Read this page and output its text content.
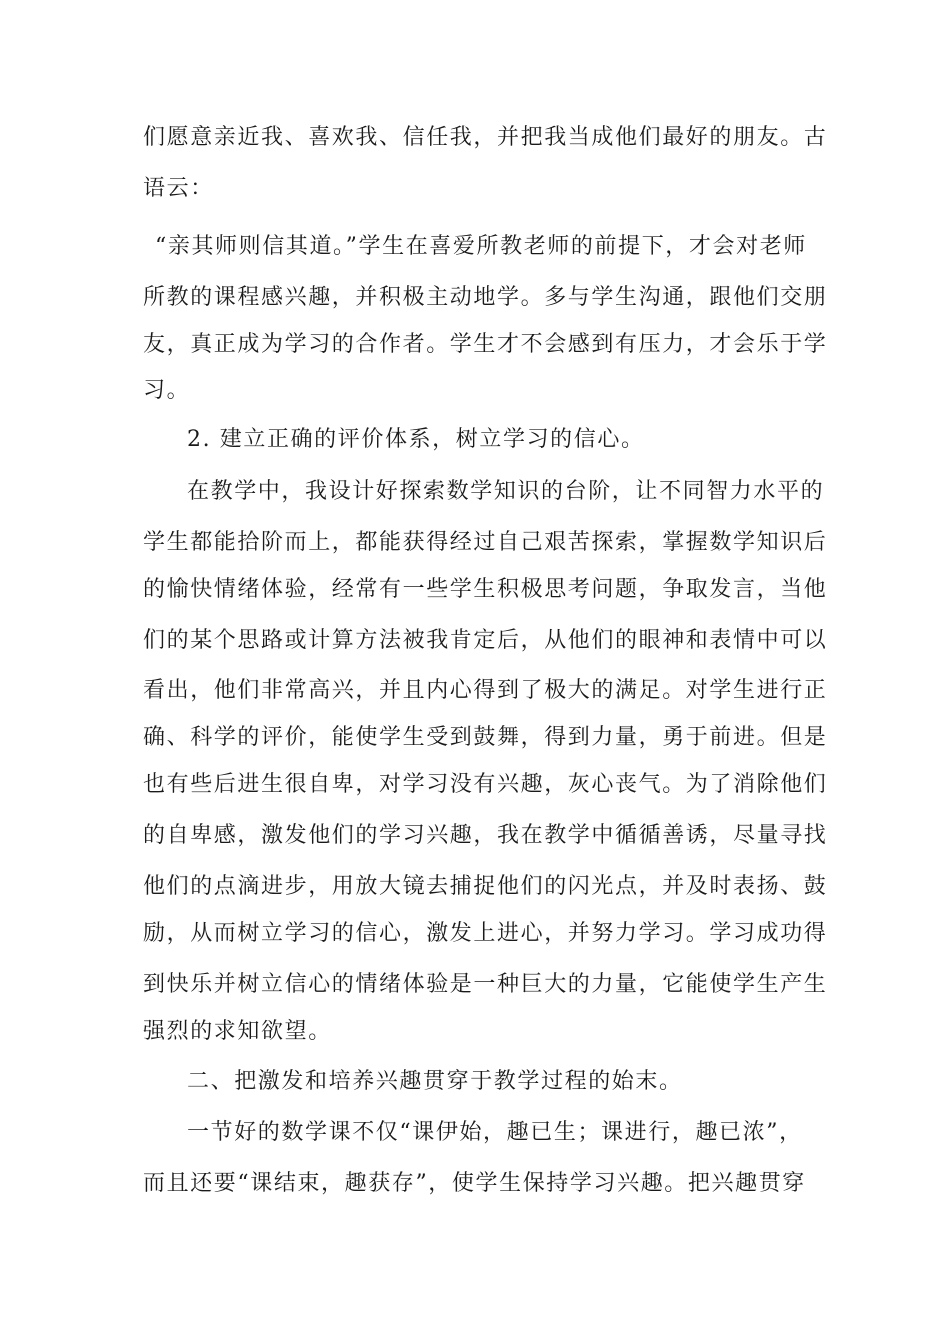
们愿意亲近我、喜欢我、信任我，并把我当成他们最好的朋友。古
语云：
“亲其师则信其道。”学生在喜爱所教老师的前提下，才会对老师
所教的课程感兴趣，并积极主动地学。多与学生沟通，跟他们交朋
友，真正成为学习的合作者。学生才不会感到有压力，才会乐于学
习。
2. 建立正确的评价体系，树立学习的信心。
在教学中，我设计好探索数学知识的台阶，让不同智力水平的
学生都能拾阶而上，都能获得经过自己艰苦探索，掌握数学知识后
的愉快情绪体验，经常有一些学生积极思考问题，争取发言，当他
们的某个思路或计算方法被我肯定后，从他们的眼神和表情中可以
看出，他们非常高兴，并且内心得到了极大的满足。对学生进行正
确、科学的评价，能使学生受到鼓舞，得到力量，勇于前进。但是
也有些后进生很自卑，对学习没有兴趣，灰心丧气。为了消除他们
的自卑感，激发他们的学习兴趣，我在教学中循循善诱，尽量寻找
他们的点滴进步，用放大镜去捕捉他们的闪光点，并及时表扬、鼓
励，从而树立学习的信心，激发上进心，并努力学习。学习成功得
到快乐并树立信心的情绪体验是一种巨大的力量，它能使学生产生
强烈的求知欲望。
二、把激发和培养兴趣贯穿于教学过程的始末。
一节好的数学课不仅“课伊始，趣已生；课进行，趣已浓”，
而且还要“课结束，趣获存”，使学生保持学习兴趣。把兴趣贯穿
